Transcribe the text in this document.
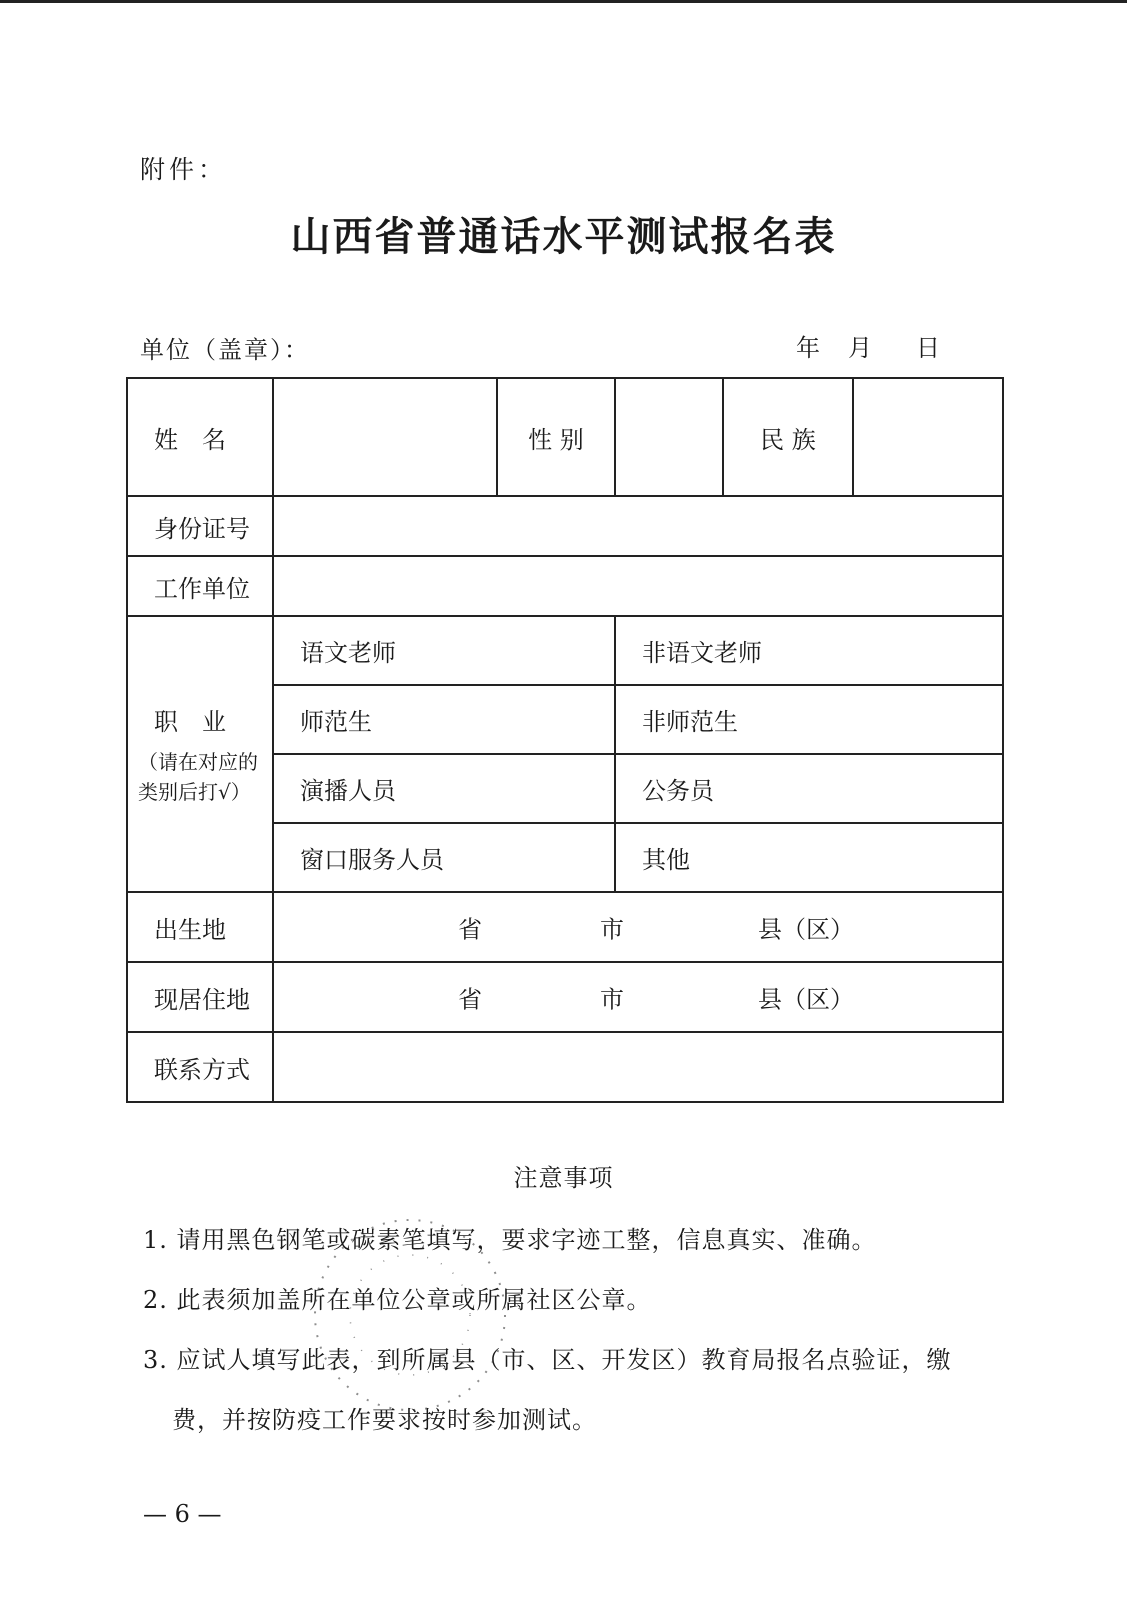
附件：
山西省普通话水平测试报名表
单位（盖章）：	年 月 日
姓　名		性 别		民 族	
身份证号					
工作单位					

职　业
（请在对应的类别后打√）	语文老师		非语文老师		
	师范生		非师范生		
	演播人员		公务员		
	窗口服务人员		其他		
出生地	省 市 县（区）				

现居住地	省 市 县（区）				

联系方式					
注意事项
1. 请用黑色钢笔或碳素笔填写，要求字迹工整，信息真实、准确。
2. 此表须加盖所在单位公章或所属社区公章。
3. 应试人填写此表，到所属县（市、区、开发区）教育局报名点验证，缴
费，并按防疫工作要求按时参加测试。
— 6 —
